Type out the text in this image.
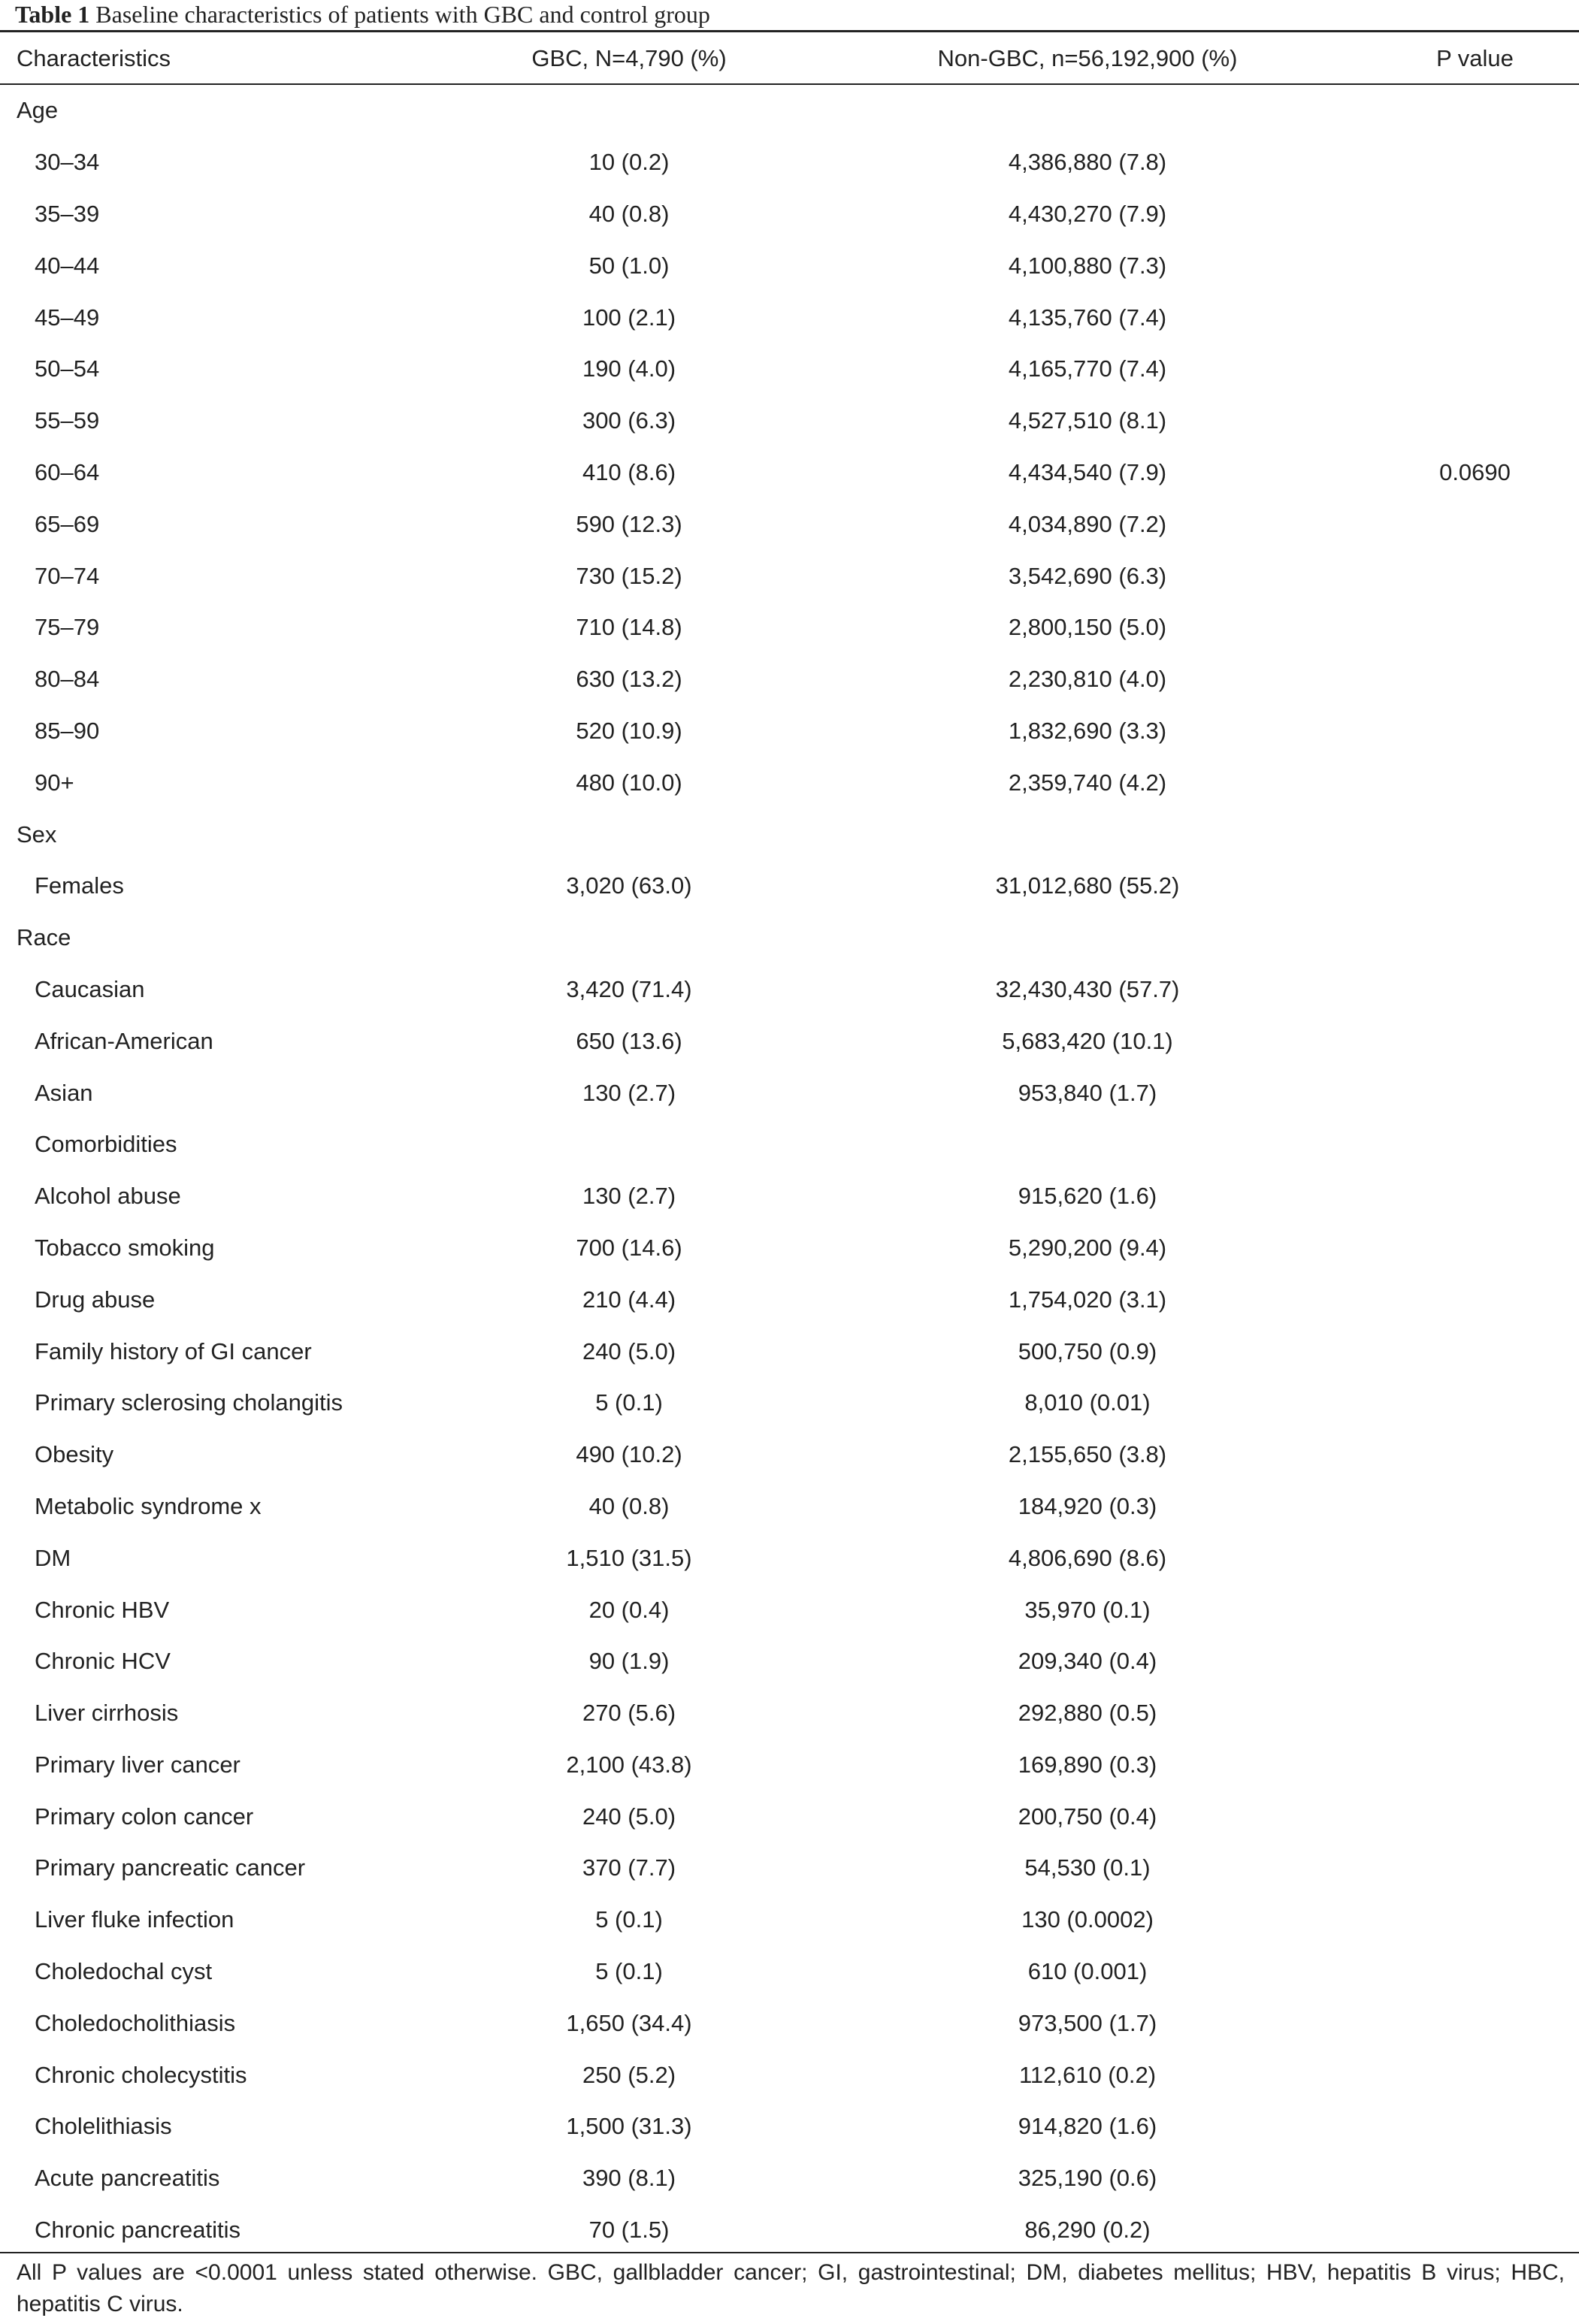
Table 1 Baseline characteristics of patients with GBC and control group
Characteristics	GBC, N=4,790 (%)	Non-GBC, n=56,192,900 (%)	P value
Age			
30–34	10 (0.2)	4,386,880 (7.8)	
35–39	40 (0.8)	4,430,270 (7.9)	
40–44	50 (1.0)	4,100,880 (7.3)	
45–49	100 (2.1)	4,135,760 (7.4)	
50–54	190 (4.0)	4,165,770 (7.4)	
55–59	300 (6.3)	4,527,510 (8.1)	
60–64	410 (8.6)	4,434,540 (7.9)	0.0690
65–69	590 (12.3)	4,034,890 (7.2)	
70–74	730 (15.2)	3,542,690 (6.3)	
75–79	710 (14.8)	2,800,150 (5.0)	
80–84	630 (13.2)	2,230,810 (4.0)	
85–90	520 (10.9)	1,832,690 (3.3)	
90+	480 (10.0)	2,359,740 (4.2)	
Sex			
Females	3,020 (63.0)	31,012,680 (55.2)	
Race			
Caucasian	3,420 (71.4)	32,430,430 (57.7)	
African-American	650 (13.6)	5,683,420 (10.1)	
Asian	130 (2.7)	953,840 (1.7)	
Comorbidities			
Alcohol abuse	130 (2.7)	915,620 (1.6)	
Tobacco smoking	700 (14.6)	5,290,200 (9.4)	
Drug abuse	210 (4.4)	1,754,020 (3.1)	
Family history of GI cancer	240 (5.0)	500,750 (0.9)	
Primary sclerosing cholangitis	5 (0.1)	8,010 (0.01)	
Obesity	490 (10.2)	2,155,650 (3.8)	
Metabolic syndrome x	40 (0.8)	184,920 (0.3)	
DM	1,510 (31.5)	4,806,690 (8.6)	
Chronic HBV	20 (0.4)	35,970 (0.1)	
Chronic HCV	90 (1.9)	209,340 (0.4)	
Liver cirrhosis	270 (5.6)	292,880 (0.5)	
Primary liver cancer	2,100 (43.8)	169,890 (0.3)	
Primary colon cancer	240 (5.0)	200,750 (0.4)	
Primary pancreatic cancer	370 (7.7)	54,530 (0.1)	
Liver fluke infection	5 (0.1)	130 (0.0002)	
Choledochal cyst	5 (0.1)	610 (0.001)	
Choledocholithiasis	1,650 (34.4)	973,500 (1.7)	
Chronic cholecystitis	250 (5.2)	112,610 (0.2)	
Cholelithiasis	1,500 (31.3)	914,820 (1.6)	
Acute pancreatitis	390 (8.1)	325,190 (0.6)	
Chronic pancreatitis	70 (1.5)	86,290 (0.2)	
All P values are <0.0001 unless stated otherwise. GBC, gallbladder cancer; GI, gastrointestinal; DM, diabetes mellitus; HBV, hepatitis B virus; HBC, hepatitis C virus.
